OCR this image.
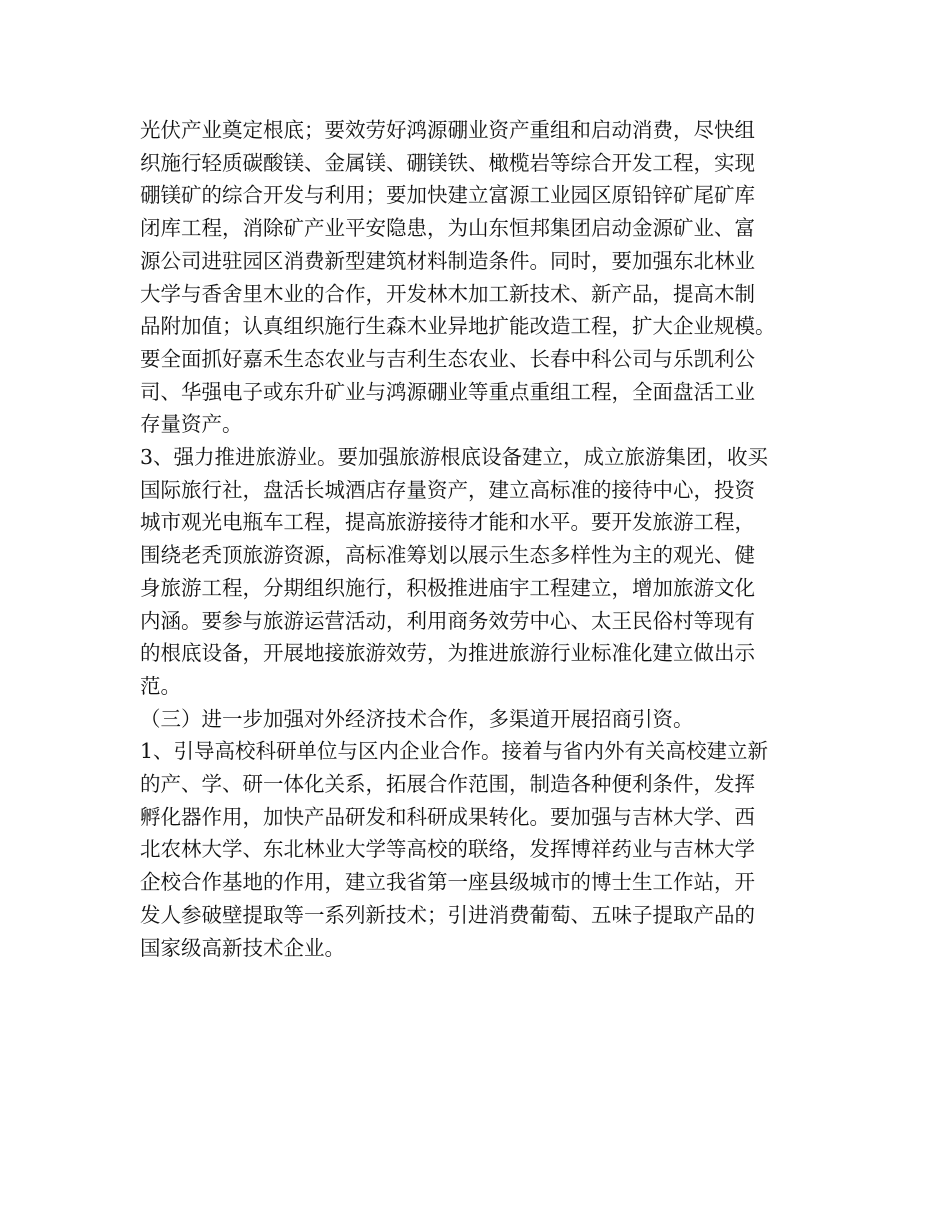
光伏产业奠定根底；要效劳好鸿源硼业资产重组和启动消费，尽快组

织施行轻质碳酸镁、金属镁、硼镁铁、橄榄岩等综合开发工程，实现

硼镁矿的综合开发与利用；要加快建立富源工业园区原铅锌矿尾矿库

闭库工程，消除矿产业平安隐患，为山东恒邦集团启动金源矿业、富

源公司进驻园区消费新型建筑材料制造条件。同时，要加强东北林业

大学与香舍里木业的合作，开发林木加工新技术、新产品，提高木制

品附加值；认真组织施行生森木业异地扩能改造工程，扩大企业规模。

要全面抓好嘉禾生态农业与吉利生态农业、长春中科公司与乐凯利公

司、华强电子或东升矿业与鸿源硼业等重点重组工程，全面盘活工业

存量资产。

3、强力推进旅游业。要加强旅游根底设备建立，成立旅游集团，收买

国际旅行社，盘活长城酒店存量资产，建立高标准的接待中心，投资

城市观光电瓶车工程，提高旅游接待才能和水平。要开发旅游工程，

围绕老秃顶旅游资源，高标准筹划以展示生态多样性为主的观光、健

身旅游工程，分期组织施行，积极推进庙宇工程建立，增加旅游文化

内涵。要参与旅游运营活动，利用商务效劳中心、太王民俗村等现有

的根底设备，开展地接旅游效劳，为推进旅游行业标准化建立做出示

范。

（三）进一步加强对外经济技术合作，多渠道开展招商引资。

1、引导高校科研单位与区内企业合作。接着与省内外有关高校建立新

的产、学、研一体化关系，拓展合作范围，制造各种便利条件，发挥

孵化器作用，加快产品研发和科研成果转化。要加强与吉林大学、西

北农林大学、东北林业大学等高校的联络，发挥博祥药业与吉林大学

企校合作基地的作用，建立我省第一座县级城市的博士生工作站，开

发人参破壁提取等一系列新技术；引进消费葡萄、五味子提取产品的

国家级高新技术企业。
